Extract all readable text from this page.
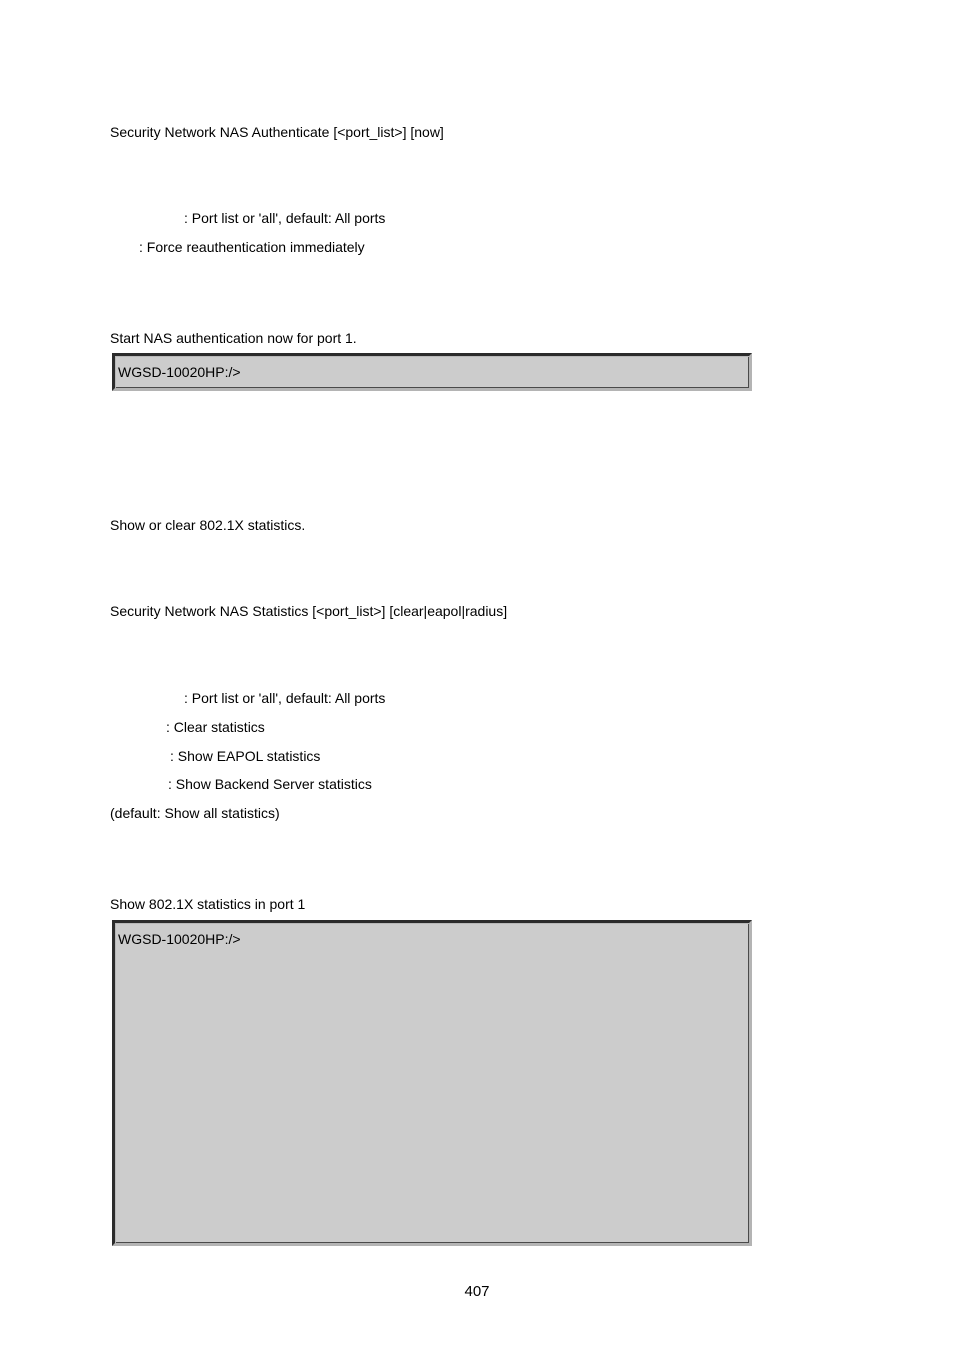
Security Network NAS Authenticate [<port_list>] [now]
: Port list or 'all', default: All ports
: Force reauthentication immediately
Start NAS authentication now for port 1.
WGSD-10020HP:/>
Show or clear 802.1X statistics.
Security Network NAS Statistics [<port_list>] [clear|eapol|radius]
: Port list or 'all', default: All ports
: Clear statistics
: Show EAPOL statistics
: Show Backend Server statistics
(default: Show all statistics)
Show 802.1X statistics in port 1
WGSD-10020HP:/>
407
